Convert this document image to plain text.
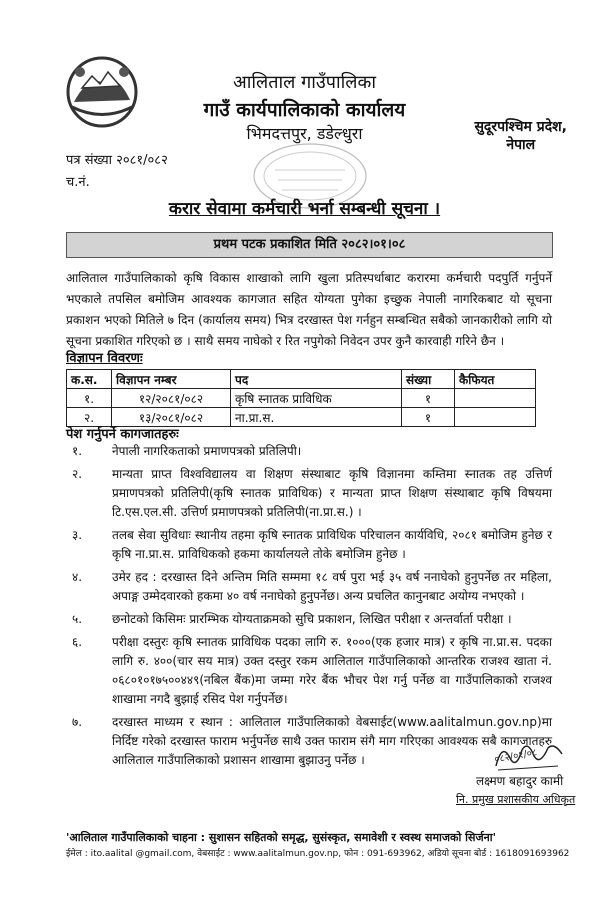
आलिताल गाउँपालिका
गाउँ कार्यपालिकाको कार्यालय
भिमदत्तपुर, डडेल्धुरा	सुदूरपश्चिम प्रदेश,
नेपाल
पत्र संख्या २०८१/०८२
च.नं.
करार सेवामा कर्मचारी भर्ना सम्बन्धी सूचना ।
प्रथम पटक प्रकाशित मिति २०८२।०१।०८
आलिताल गाउँपालिकाको कृषि विकास शाखाको लागि खुला प्रतिस्पर्धाबाट करारमा कर्मचारी पदपुर्ति गर्नुपर्ने भएकाले तपसिल बमोजिम आवश्यक कागजात सहित योग्यता पुगेका इच्छुक नेपाली नागरिकबाट यो सूचना प्रकाशन भएको मितिले ७ दिन (कार्यालय समय) भित्र दरखास्त पेश गर्नहुन सम्बन्धित सबैको जानकारीको लागि यो सूचना प्रकाशित गरिएको छ । साथै समय नाघेको र रित नपुगेको निवेदन उपर कुनै कारवाही गरिने छैन ।
विज्ञापन विवरणः
क.स.	विज्ञापन नम्बर	पद	संख्या	कैफियत
१.	१२/२०८१/०८२	कृषि स्नातक प्राविधिक	१	
२.	१३/२०८१/०८२	ना.प्रा.स.	१	
पेश गर्नुपर्ने कागजातहरुः
१.	नेपाली नागरिकताको प्रमाणपत्रको प्रतिलिपी।
२.	मान्यता प्राप्त विश्वविद्यालय वा शिक्षण संस्थाबाट कृषि विज्ञानमा कम्तिमा स्नातक तह उत्तिर्ण प्रमाणपत्रको प्रतिलिपी(कृषि स्नातक प्राविधिक) र मान्यता प्राप्त शिक्षण संस्थाबाट कृषि विषयमा टि.एस.एल.सी. उत्तिर्ण प्रमाणपत्रको प्रतिलिपी(ना.प्रा.स.) ।
३.	तलब सेवा सुविधाः स्थानीय तहमा कृषि स्नातक प्राविधिक परिचालन कार्यविधि, २०८१ बमोजिम हुनेछ र कृषि ना.प्रा.स. प्राविधिकको हकमा कार्यालयले तोके बमोजिम हुनेछ ।
४.	उमेर हद : दरखास्त दिने अन्तिम मिति सम्ममा १८ वर्ष पुरा भई ३५ वर्ष ननाघेको हुनुपर्नेछ तर महिला, अपाङ्ग उम्मेदवारको हकमा ४० वर्ष ननाघेको हुनुपर्नेछ। अन्य प्रचलित कानुनबाट अयोग्य नभएको ।
५.	छनोटको किसिमः प्रारम्भिक योग्यताक्रमको सुचि प्रकाशन, लिखित परीक्षा र अन्तर्वार्ता परीक्षा ।
६.	परीक्षा दस्तुरः कृषि स्नातक प्राविधिक पदका लागि रु. १०००(एक हजार मात्र) र कृषि ना.प्रा.स. पदका लागि रु. ४००(चार सय मात्र) उक्त दस्तुर रकम आलिताल गाउँपालिकाको आन्तरिक राजश्व खाता नं. ०६८०१०१७५००४४९(नबिल बैंक)मा जम्मा गरेर बैंक भौचर पेश गर्नु पर्नेछ वा गाउँपालिकाको राजश्व शाखामा नगदै बुझाई रसिद पेश गर्नुपर्नेछ।
७.	दरखास्त माध्यम र स्थान : आलिताल गाउँपालिकाको वेबसाईट(www.aalitalmun.gov.np)मा निर्दिष्ट गरेको दरखास्त फाराम भर्नुपर्नेछ साथै उक्त फाराम संगै माग गरिएका आवश्यक सबै कागजातहरु आलिताल गाउँपालिकाको प्रशासन शाखामा बुझाउनु पर्नेछ ।	०८२/०१/०८
लक्ष्मण बहादुर कामी
नि. प्रमुख प्रशासकीय अधिकृत
'आलिताल गाउँपालिकाको चाहना : सुशासन सहितको समृद्ध, सुसंस्कृत, समावेशी र स्वस्थ समाजको सिर्जना'
ईमेल : ito.aalital @gmail.com, वेबसाईट : www.aalitalmun.gov.np, फोन : 091-693962, अडियो सूचना बोर्ड : 1618091693962
